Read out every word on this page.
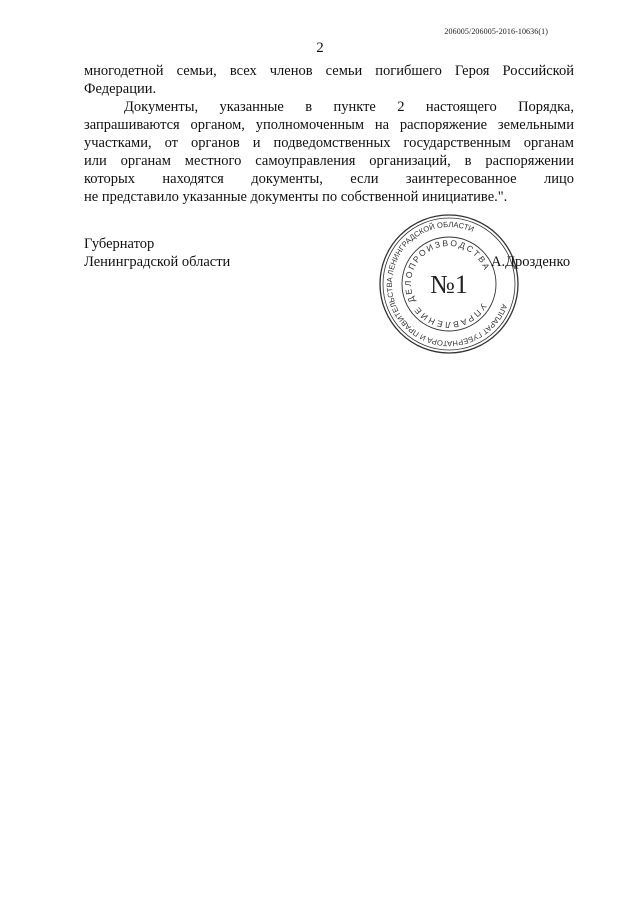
206005/206005-2016-10636(1)
2

многодетной семьи, всех членов семьи погибшего Героя Российской

Федерации.

Документы, указанные в пункте 2 настоящего Порядка,

запрашиваются органом, уполномоченным на распоряжение земельными

участками, от органов и подведомственных государственным органам

или органам местного самоуправления организаций, в распоряжении

которых находятся документы, если заинтересованное лицо

не представило указанные документы по собственной инициативе.".

Губернатор
Ленинградской области
АППАРАТ ГУБЕРНАТОРА И ПРАВИТЕЛЬСТВА ЛЕНИНГРАДСКОЙ ОБЛАСТИ
УПРАВЛЕНИЕ ДЕЛОПРОИЗВОДСТВА
№1
А.Дрозденко
